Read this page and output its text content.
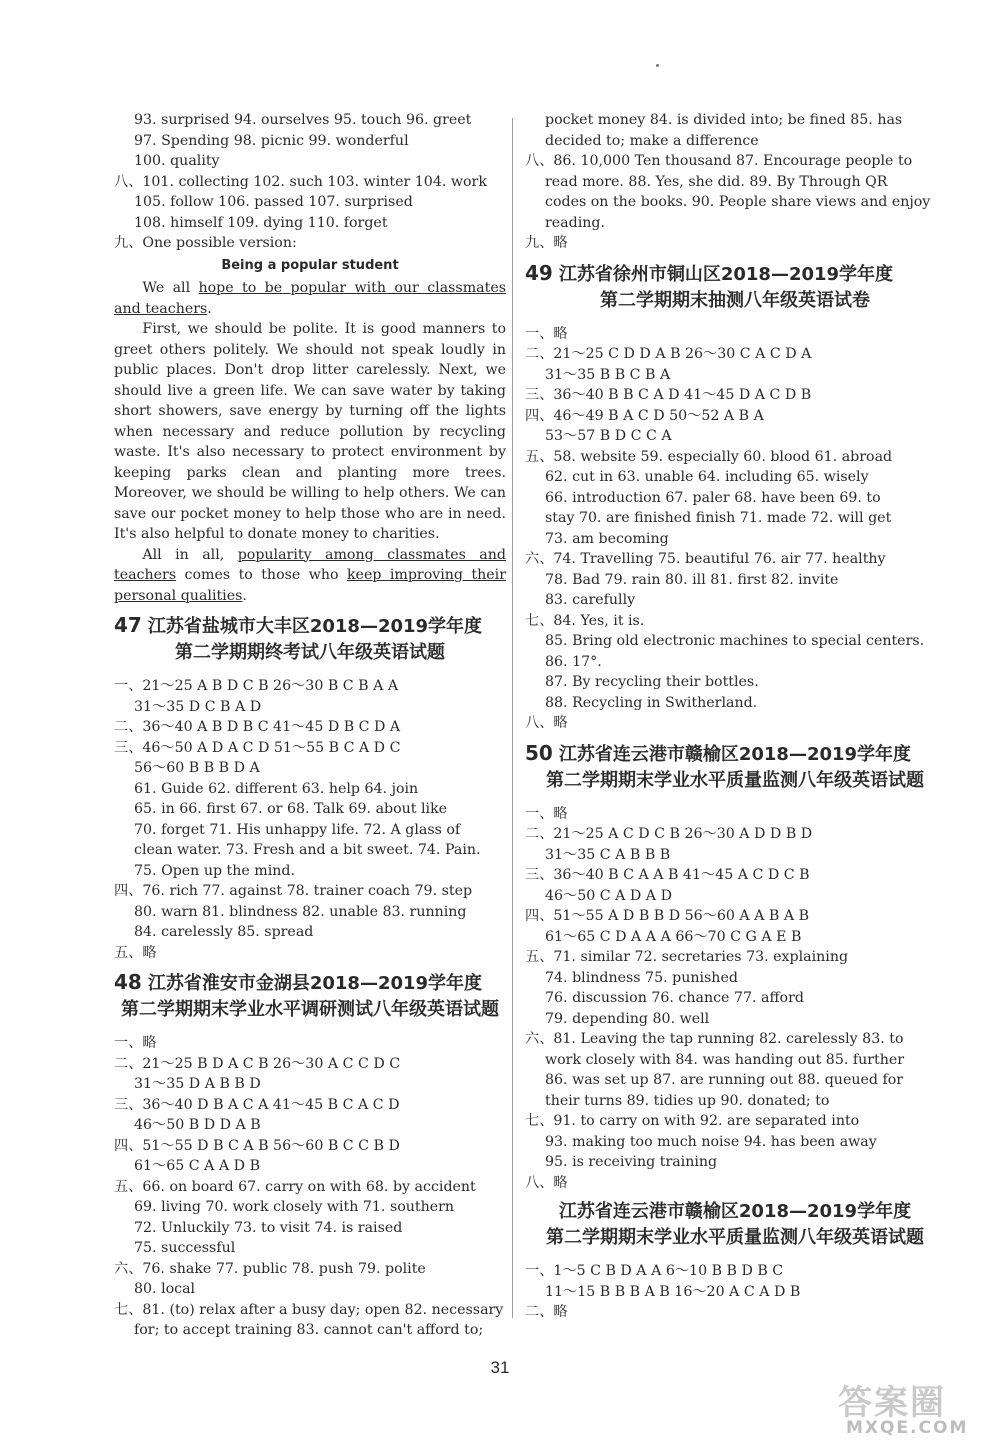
93. surprised 94. ourselves 95. touch 96. greet
97. Spending 98. picnic 99. wonderful
100. quality
八、101. collecting 102. such 103. winter 104. work
105. follow 106. passed 107. surprised
108. himself 109. dying 110. forget
九、One possible version:
Being a popular student
We all hope to be popular with our classmates and teachers.
First, we should be polite. It is good manners to greet others politely. We should not speak loudly in public places. Don't drop litter carelessly. Next, we should live a green life. We can save water by taking short showers, save energy by turning off the lights when necessary and reduce pollution by recycling waste. It's also necessary to protect environment by keeping parks clean and planting more trees. Moreover, we should be willing to help others. We can save our pocket money to help those who are in need. It's also helpful to donate money to charities.
All in all, popularity among classmates and teachers comes to those who keep improving their personal qualities.
47 江苏省盐城市大丰区2018—2019学年度
第二学期期终考试八年级英语试题
一、21～25 A B D C B 26～30 B C B A A
31～35 D C B A D
二、36～40 A B D B C 41～45 D B C D A
三、46～50 A D A C D 51～55 B C A D C
56～60 B B B D A
61. Guide 62. different 63. help 64. join
65. in 66. first 67. or 68. Talk 69. about like
70. forget 71. His unhappy life. 72. A glass of
clean water. 73. Fresh and a bit sweet. 74. Pain.
75. Open up the mind.
四、76. rich 77. against 78. trainer coach 79. step
80. warn 81. blindness 82. unable 83. running
84. carelessly 85. spread
五、略
48 江苏省淮安市金湖县2018—2019学年度
第二学期期末学业水平调研测试八年级英语试题
一、略
二、21～25 B D A C B 26～30 A C C D C
31～35 D A B B D
三、36～40 D B A C A 41～45 B C A C D
46～50 B D D A B
四、51～55 D B C A B 56～60 B C C B D
61～65 C A A D B
五、66. on board 67. carry on with 68. by accident
69. living 70. work closely with 71. southern
72. Unluckily 73. to visit 74. is raised
75. successful
六、76. shake 77. public 78. push 79. polite
80. local
七、81. (to) relax after a busy day; open 82. necessary
for; to accept training 83. cannot can't afford to;
pocket money 84. is divided into; be fined 85. has
decided to; make a difference
八、86. 10,000 Ten thousand 87. Encourage people to
read more. 88. Yes, she did. 89. By Through QR
codes on the books. 90. People share views and enjoy
reading.
九、略
49 江苏省徐州市铜山区2018—2019学年度
第二学期期末抽测八年级英语试卷
一、略
二、21～25 C D D A B 26～30 C A C D A
31～35 B B C B A
三、36～40 B B C A D 41～45 D A C D B
四、46～49 B A C D 50～52 A B A
53～57 B D C C A
五、58. website 59. especially 60. blood 61. abroad
62. cut in 63. unable 64. including 65. wisely
66. introduction 67. paler 68. have been 69. to
stay 70. are finished finish 71. made 72. will get
73. am becoming
六、74. Travelling 75. beautiful 76. air 77. healthy
78. Bad 79. rain 80. ill 81. first 82. invite
83. carefully
七、84. Yes, it is.
85. Bring old electronic machines to special centers.
86. 17°.
87. By recycling their bottles.
88. Recycling in Switherland.
八、略
50 江苏省连云港市赣榆区2018—2019学年度
第二学期期末学业水平质量监测八年级英语试题
一、略
二、21～25 A C D C B 26～30 A D D B D
31～35 C A B B B
三、36～40 B C A A B 41～45 A C D C B
46～50 C A D A D
四、51～55 A D B B D 56～60 A A B A B
61～65 C D A A A 66～70 C G A E B
五、71. similar 72. secretaries 73. explaining
74. blindness 75. punished
76. discussion 76. chance 77. afford
79. depending 80. well
六、81. Leaving the tap running 82. carelessly 83. to
work closely with 84. was handing out 85. further
86. was set up 87. are running out 88. queued for
their turns 89. tidies up 90. donated; to
七、91. to carry on with 92. are separated into
93. making too much noise 94. has been away
95. is receiving training
八、略
江苏省连云港市赣榆区2018—2019学年度
第二学期期末学业水平质量监测八年级英语试题
一、1～5 C B D A A 6～10 B B D B C
11～15 B B B A B 16～20 A C A D B
二、略
31
答案圈
MXQE.COM
